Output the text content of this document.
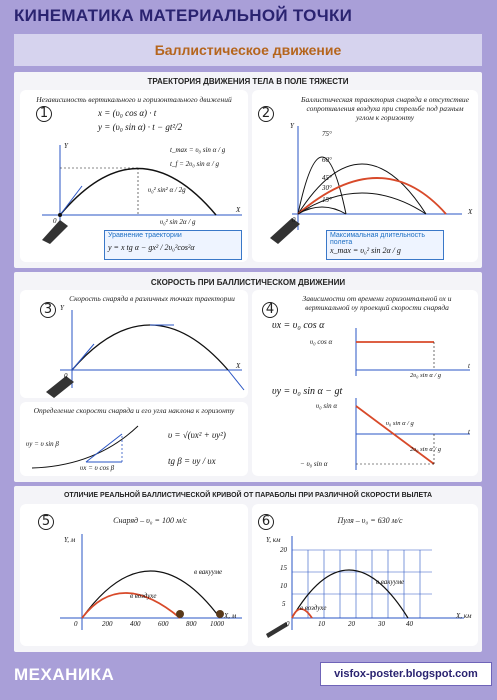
КИНЕМАТИКА МАТЕРИАЛЬНОЙ ТОЧКИ
Баллистическое движение
ТРАЕКТОРИЯ ДВИЖЕНИЯ ТЕЛА В ПОЛЕ ТЯЖЕСТИ
1
Независимость вертикального и горизонтального движений
x = (υ₀ cos α) · t
y = (υ₀ sin α) · t − gt²/2
Y
X
0
t_max = υ₀ sin α / g
t_f = 2υ₀ sin α / g
υ₀² sin² α / 2g
υ₀² sin 2α / g
Уравнение траектории
y = x tg α − gx² / 2υ₀²cos²α
2
Баллистическая траектория снаряда в отсутствие сопротивления воздуха при стрельбе под разным углом к горизонту
75°
60°
45°
30°
15°
Y
X
0
Максимальная длительность полета
x_max = υ₀² sin 2α / g
СКОРОСТЬ ПРИ БАЛЛИСТИЧЕСКОМ ДВИЖЕНИИ
3
Скорость снаряда в различных точках траектории
Y
X
0
Определение скорости снаряда и его угла наклона к горизонту
υy = υ sin β
υx = υ cos β
υ = √(υx² + υy²)
tg β = υy / υx
4
Зависимости от времени горизонтальной υx и вертикальной υy проекций скорости снаряда
υx = υ₀ cos α
υ₀ cos α
2υ₀ sin α / g
t
υy = υ₀ sin α − gt
υ₀ sin α
υ₀ sin α / g
2υ₀ sin α / g
− υ₀ sin α
t
ОТЛИЧИЕ РЕАЛЬНОЙ БАЛЛИСТИЧЕСКОЙ КРИВОЙ ОТ ПАРАБОЛЫ ПРИ РАЗЛИЧНОЙ СКОРОСТИ ВЫЛЕТА
5	Снаряд – υ₀ = 100 м/с
Y, м
X, м
0	200	400	600	800 1000
в вакууме
в воздухе
6	Пуля – υ₀ = 630 м/с
Y, км
X, км
0
20
15
10
5
10	20	30	40
в вакууме
в воздухе
МЕХАНИКА	visfox-poster.blogspot.com
